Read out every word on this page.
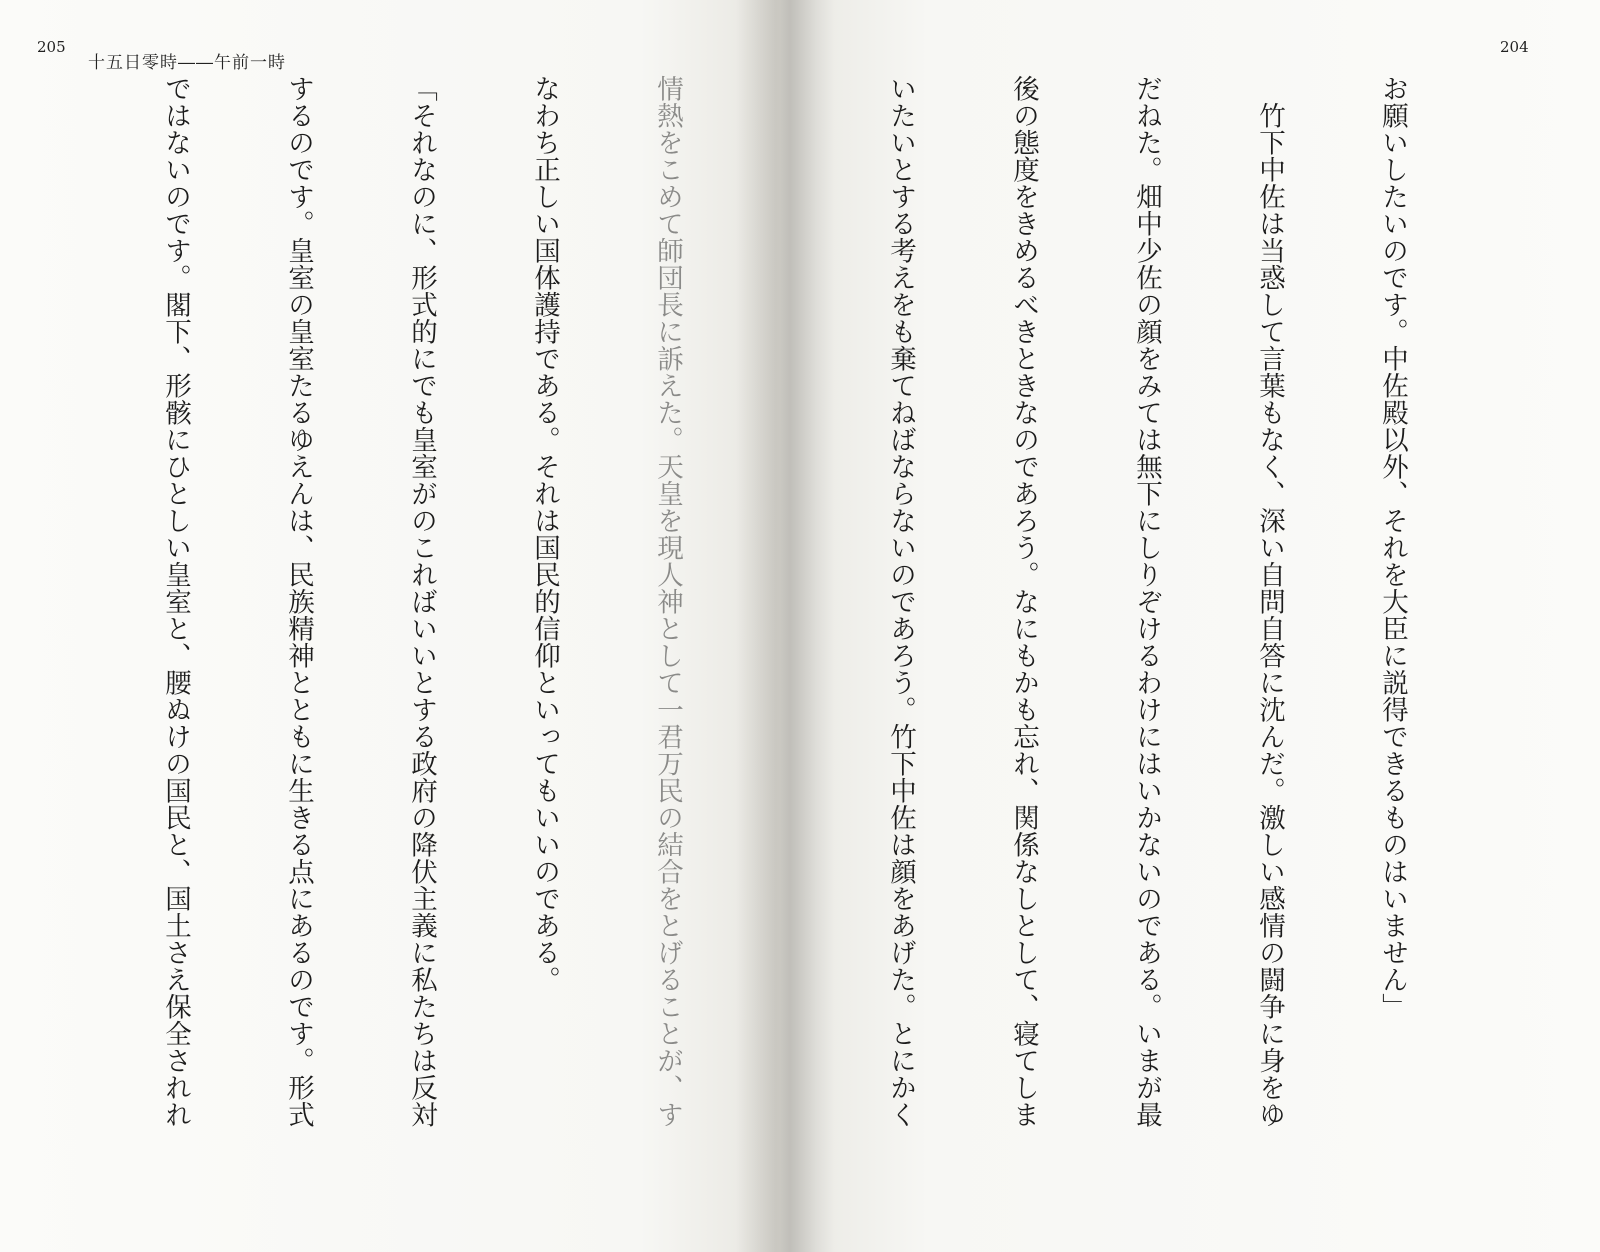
205
十五日零時――午前一時

情熱をこめて師団長に訴えた。天皇を現人神として一君万民の結合をとげることが、す

なわち正しい国体護持である。それは国民的信仰といってもいいのである。

「それなのに、形式的にでも皇室がのこればいいとする政府の降伏主義に私たちは反対

するのです。皇室の皇室たるゆえんは、民族精神とともに生きる点にあるのです。形式

ではないのです。閣下、形骸にひとしい皇室と、腰ぬけの国民と、国土さえ保全されれ

204

お願いしたいのです。中佐殿以外、それを大臣に説得できるものはいません」

　竹下中佐は当惑して言葉もなく、深い自問自答に沈んだ。激しい感情の闘争に身をゆ

だねた。畑中少佐の顔をみては無下にしりぞけるわけにはいかないのである。いまが最

後の態度をきめるべきときなのであろう。なにもかも忘れ、関係なしとして、寝てしま

いたいとする考えをも棄てねばならないのであろう。竹下中佐は顔をあげた。とにかく
